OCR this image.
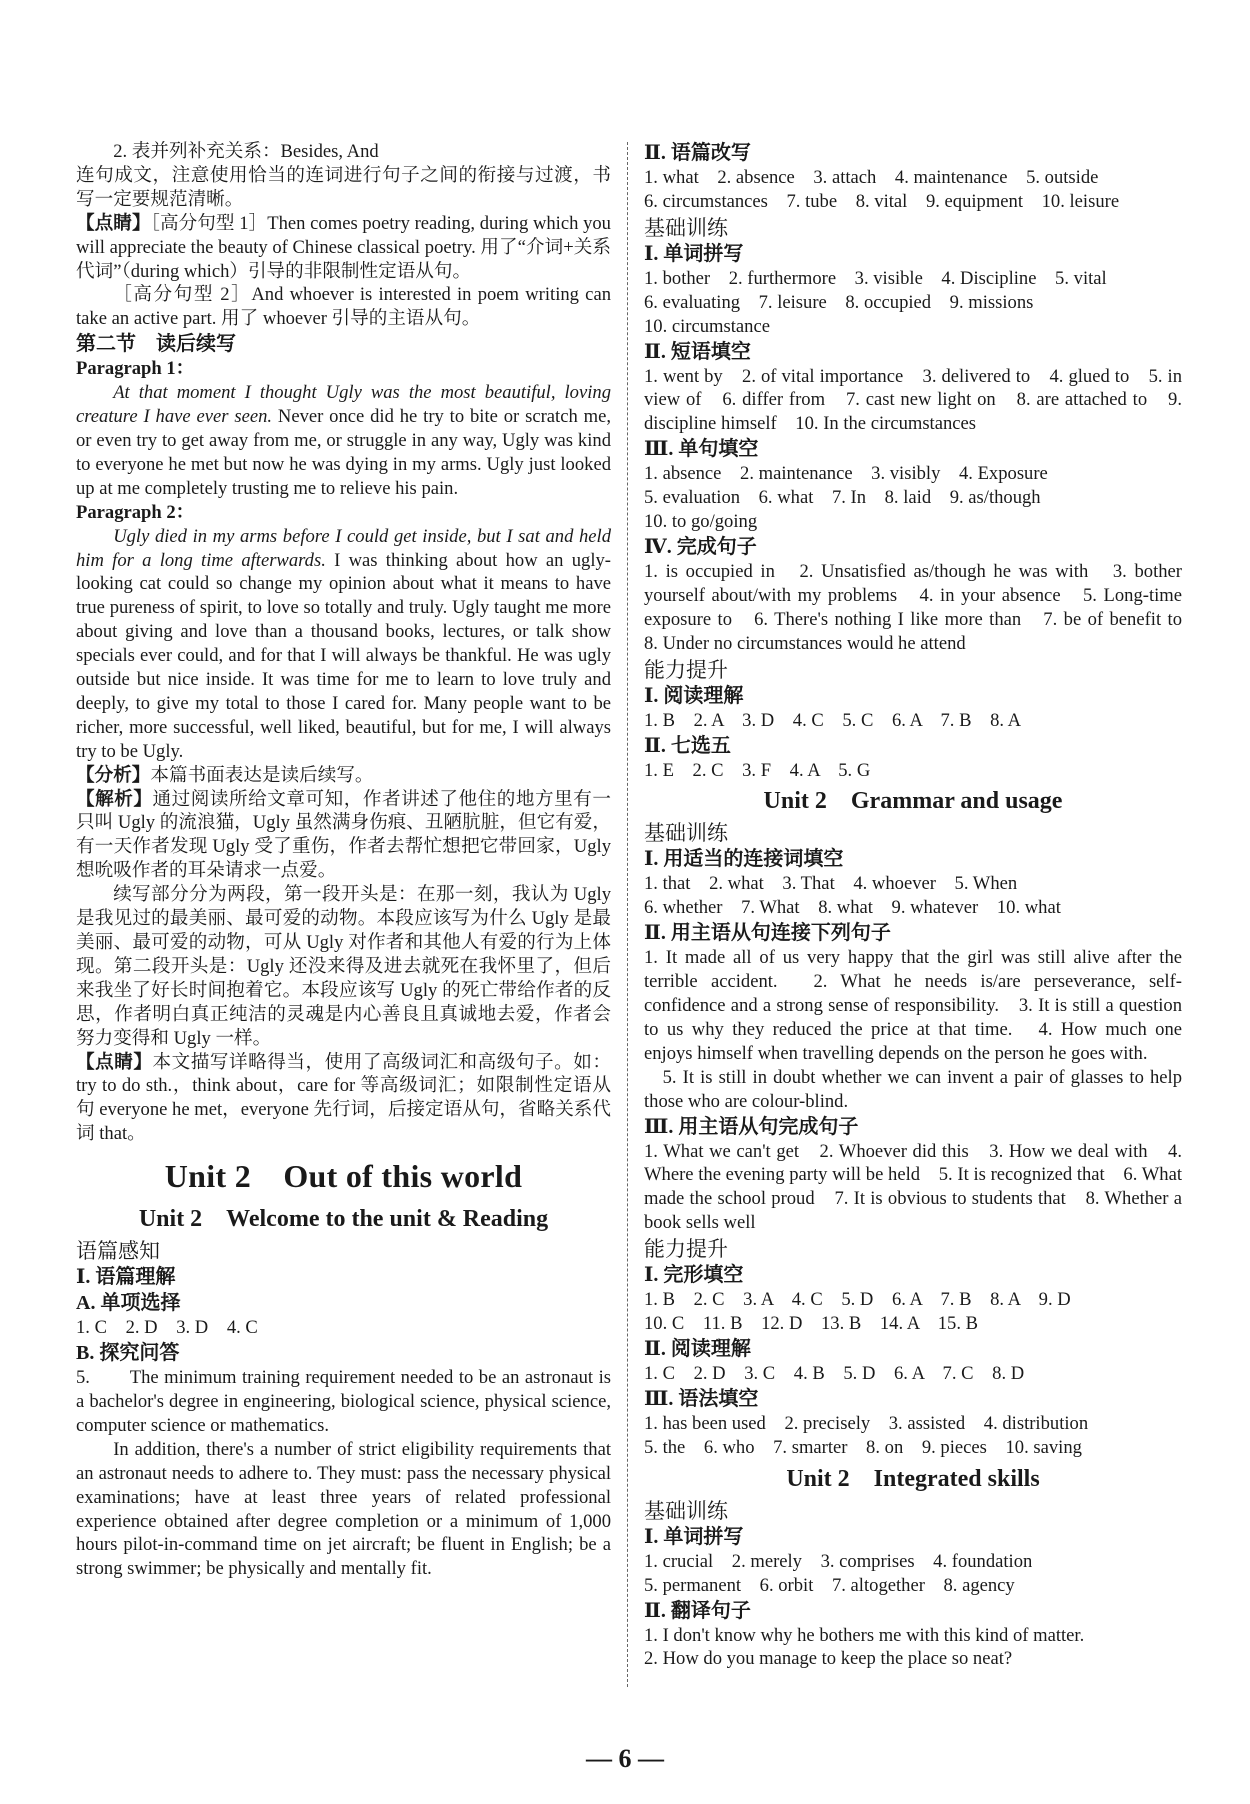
2. 表并列补充关系：Besides, And

连句成文，注意使用恰当的连词进行句子之间的衔接与过渡，书写一定要规范清晰。

【点睛】［高分句型 1］Then comes poetry reading, during which you will appreciate the beauty of Chinese classical poetry. 用了“介词+关系代词”（during which）引导的非限制性定语从句。

［高分句型 2］And whoever is interested in poem writing can take an active part. 用了 whoever 引导的主语从句。

第二节　读后续写

Paragraph 1：

At that moment I thought Ugly was the most beautiful, loving creature I have ever seen. Never once did he try to bite or scratch me, or even try to get away from me, or struggle in any way, Ugly was kind to everyone he met but now he was dying in my arms. Ugly just looked up at me completely trusting me to relieve his pain.

Paragraph 2：

Ugly died in my arms before I could get inside, but I sat and held him for a long time afterwards. I was thinking about how an ugly-looking cat could so change my opinion about what it means to have true pureness of spirit, to love so totally and truly. Ugly taught me more about giving and love than a thousand books, lectures, or talk show specials ever could, and for that I will always be thankful. He was ugly outside but nice inside. It was time for me to learn to love truly and deeply, to give my total to those I cared for. Many people want to be richer, more successful, well liked, beautiful, but for me, I will always try to be Ugly.

【分析】本篇书面表达是读后续写。

【解析】通过阅读所给文章可知，作者讲述了他住的地方里有一只叫 Ugly 的流浪猫，Ugly 虽然满身伤痕、丑陋肮脏，但它有爱，有一天作者发现 Ugly 受了重伤，作者去帮忙想把它带回家，Ugly 想吮吸作者的耳朵请求一点爱。

续写部分分为两段，第一段开头是：在那一刻，我认为 Ugly 是我见过的最美丽、最可爱的动物。本段应该写为什么 Ugly 是最美丽、最可爱的动物，可从 Ugly 对作者和其他人有爱的行为上体现。第二段开头是：Ugly 还没来得及进去就死在我怀里了，但后来我坐了好长时间抱着它。本段应该写 Ugly 的死亡带给作者的反思，作者明白真正纯洁的灵魂是内心善良且真诚地去爱，作者会努力变得和 Ugly 一样。

【点睛】本文描写详略得当，使用了高级词汇和高级句子。如：try to do sth.，think about，care for 等高级词汇；如限制性定语从句 everyone he met，everyone 先行词，后接定语从句，省略关系代词 that。

Unit 2　Out of this world
Unit 2　Welcome to the unit & Reading

语篇感知

Ⅰ. 语篇理解

A. 单项选择

1. C　2. D　3. D　4. C

B. 探究问答

5.　　The minimum training requirement needed to be an astronaut is a bachelor's degree in engineering, biological science, physical science, computer science or mathematics.

In addition, there's a number of strict eligibility requirements that an astronaut needs to adhere to. They must: pass the necessary physical examinations; have at least three years of related professional experience obtained after degree completion or a minimum of 1,000 hours pilot-in-command time on jet aircraft; be fluent in English; be a strong swimmer; be physically and mentally fit.

Ⅱ. 语篇改写

1. what　2. absence　3. attach　4. maintenance　5. outside

6. circumstances　7. tube　8. vital　9. equipment　10. leisure

基础训练

Ⅰ. 单词拼写

1. bother　2. furthermore　3. visible　4. Discipline　5. vital

6. evaluating　7. leisure　8. occupied　9. missions

10. circumstance

Ⅱ. 短语填空

1. went by　2. of vital importance　3. delivered to　4. glued to　5. in view of　6. differ from　7. cast new light on　8. are attached to　9. discipline himself　10. In the circumstances

Ⅲ. 单句填空

1. absence　2. maintenance　3. visibly　4. Exposure

5. evaluation　6. what　7. In　8. laid　9. as/though

10. to go/going

Ⅳ. 完成句子

1. is occupied in　2. Unsatisfied as/though he was with　3. bother yourself about/with my problems　4. in your absence　5. Long-time exposure to　6. There's nothing I like more than　7. be of benefit to　8. Under no circumstances would he attend

能力提升

Ⅰ. 阅读理解

1. B　2. A　3. D　4. C　5. C　6. A　7. B　8. A

Ⅱ. 七选五

1. E　2. C　3. F　4. A　5. G

Unit 2　Grammar and usage

基础训练

Ⅰ. 用适当的连接词填空

1. that　2. what　3. That　4. whoever　5. When

6. whether　7. What　8. what　9. whatever　10. what

Ⅱ. 用主语从句连接下列句子

1. It made all of us very happy that the girl was still alive after the terrible accident.　2. What he needs is/are perseverance, self-confidence and a strong sense of responsibility.　3. It is still a question to us why they reduced the price at that time.　4. How much one enjoys himself when travelling depends on the person he goes with.

5. It is still in doubt whether we can invent a pair of glasses to help those who are colour-blind.

Ⅲ. 用主语从句完成句子

1. What we can't get　2. Whoever did this　3. How we deal with　4. Where the evening party will be held　5. It is recognized that　6. What made the school proud　7. It is obvious to students that　8. Whether a book sells well

能力提升

Ⅰ. 完形填空

1. B　2. C　3. A　4. C　5. D　6. A　7. B　8. A　9. D

10. C　11. B　12. D　13. B　14. A　15. B

Ⅱ. 阅读理解

1. C　2. D　3. C　4. B　5. D　6. A　7. C　8. D

Ⅲ. 语法填空

1. has been used　2. precisely　3. assisted　4. distribution

5. the　6. who　7. smarter　8. on　9. pieces　10. saving

Unit 2　Integrated skills

基础训练

Ⅰ. 单词拼写

1. crucial　2. merely　3. comprises　4. foundation

5. permanent　6. orbit　7. altogether　8. agency

Ⅱ. 翻译句子

1. I don't know why he bothers me with this kind of matter.

2. How do you manage to keep the place so neat?

— 6 —
